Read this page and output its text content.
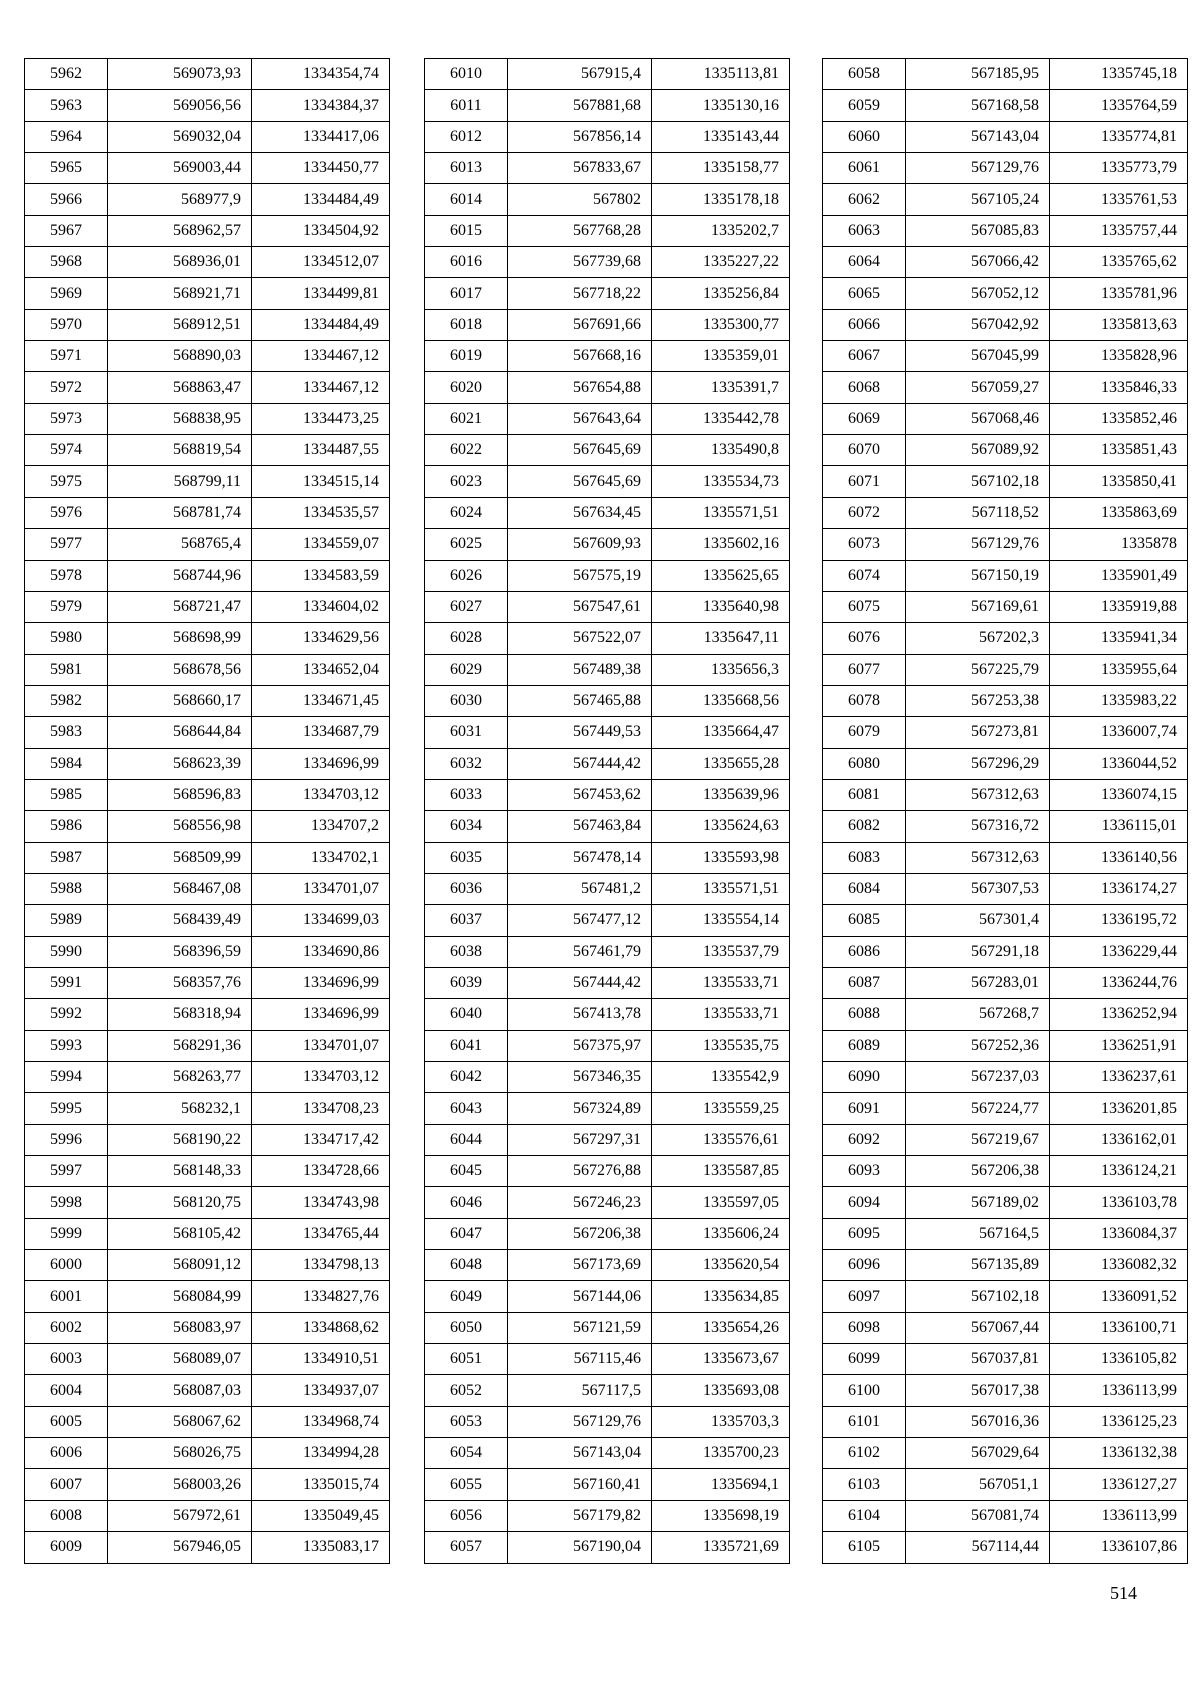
5962	569073,93	1334354,74
5963	569056,56	1334384,37
5964	569032,04	1334417,06
5965	569003,44	1334450,77
5966	568977,9	1334484,49
5967	568962,57	1334504,92
5968	568936,01	1334512,07
5969	568921,71	1334499,81
5970	568912,51	1334484,49
5971	568890,03	1334467,12
5972	568863,47	1334467,12
5973	568838,95	1334473,25
5974	568819,54	1334487,55
5975	568799,11	1334515,14
5976	568781,74	1334535,57
5977	568765,4	1334559,07
5978	568744,96	1334583,59
5979	568721,47	1334604,02
5980	568698,99	1334629,56
5981	568678,56	1334652,04
5982	568660,17	1334671,45
5983	568644,84	1334687,79
5984	568623,39	1334696,99
5985	568596,83	1334703,12
5986	568556,98	1334707,2
5987	568509,99	1334702,1
5988	568467,08	1334701,07
5989	568439,49	1334699,03
5990	568396,59	1334690,86
5991	568357,76	1334696,99
5992	568318,94	1334696,99
5993	568291,36	1334701,07
5994	568263,77	1334703,12
5995	568232,1	1334708,23
5996	568190,22	1334717,42
5997	568148,33	1334728,66
5998	568120,75	1334743,98
5999	568105,42	1334765,44
6000	568091,12	1334798,13
6001	568084,99	1334827,76
6002	568083,97	1334868,62
6003	568089,07	1334910,51
6004	568087,03	1334937,07
6005	568067,62	1334968,74
6006	568026,75	1334994,28
6007	568003,26	1335015,74
6008	567972,61	1335049,45
6009	567946,05	1335083,17
6010	567915,4	1335113,81
6011	567881,68	1335130,16
6012	567856,14	1335143,44
6013	567833,67	1335158,77
6014	567802	1335178,18
6015	567768,28	1335202,7
6016	567739,68	1335227,22
6017	567718,22	1335256,84
6018	567691,66	1335300,77
6019	567668,16	1335359,01
6020	567654,88	1335391,7
6021	567643,64	1335442,78
6022	567645,69	1335490,8
6023	567645,69	1335534,73
6024	567634,45	1335571,51
6025	567609,93	1335602,16
6026	567575,19	1335625,65
6027	567547,61	1335640,98
6028	567522,07	1335647,11
6029	567489,38	1335656,3
6030	567465,88	1335668,56
6031	567449,53	1335664,47
6032	567444,42	1335655,28
6033	567453,62	1335639,96
6034	567463,84	1335624,63
6035	567478,14	1335593,98
6036	567481,2	1335571,51
6037	567477,12	1335554,14
6038	567461,79	1335537,79
6039	567444,42	1335533,71
6040	567413,78	1335533,71
6041	567375,97	1335535,75
6042	567346,35	1335542,9
6043	567324,89	1335559,25
6044	567297,31	1335576,61
6045	567276,88	1335587,85
6046	567246,23	1335597,05
6047	567206,38	1335606,24
6048	567173,69	1335620,54
6049	567144,06	1335634,85
6050	567121,59	1335654,26
6051	567115,46	1335673,67
6052	567117,5	1335693,08
6053	567129,76	1335703,3
6054	567143,04	1335700,23
6055	567160,41	1335694,1
6056	567179,82	1335698,19
6057	567190,04	1335721,69
6058	567185,95	1335745,18
6059	567168,58	1335764,59
6060	567143,04	1335774,81
6061	567129,76	1335773,79
6062	567105,24	1335761,53
6063	567085,83	1335757,44
6064	567066,42	1335765,62
6065	567052,12	1335781,96
6066	567042,92	1335813,63
6067	567045,99	1335828,96
6068	567059,27	1335846,33
6069	567068,46	1335852,46
6070	567089,92	1335851,43
6071	567102,18	1335850,41
6072	567118,52	1335863,69
6073	567129,76	1335878
6074	567150,19	1335901,49
6075	567169,61	1335919,88
6076	567202,3	1335941,34
6077	567225,79	1335955,64
6078	567253,38	1335983,22
6079	567273,81	1336007,74
6080	567296,29	1336044,52
6081	567312,63	1336074,15
6082	567316,72	1336115,01
6083	567312,63	1336140,56
6084	567307,53	1336174,27
6085	567301,4	1336195,72
6086	567291,18	1336229,44
6087	567283,01	1336244,76
6088	567268,7	1336252,94
6089	567252,36	1336251,91
6090	567237,03	1336237,61
6091	567224,77	1336201,85
6092	567219,67	1336162,01
6093	567206,38	1336124,21
6094	567189,02	1336103,78
6095	567164,5	1336084,37
6096	567135,89	1336082,32
6097	567102,18	1336091,52
6098	567067,44	1336100,71
6099	567037,81	1336105,82
6100	567017,38	1336113,99
6101	567016,36	1336125,23
6102	567029,64	1336132,38
6103	567051,1	1336127,27
6104	567081,74	1336113,99
6105	567114,44	1336107,86
514
